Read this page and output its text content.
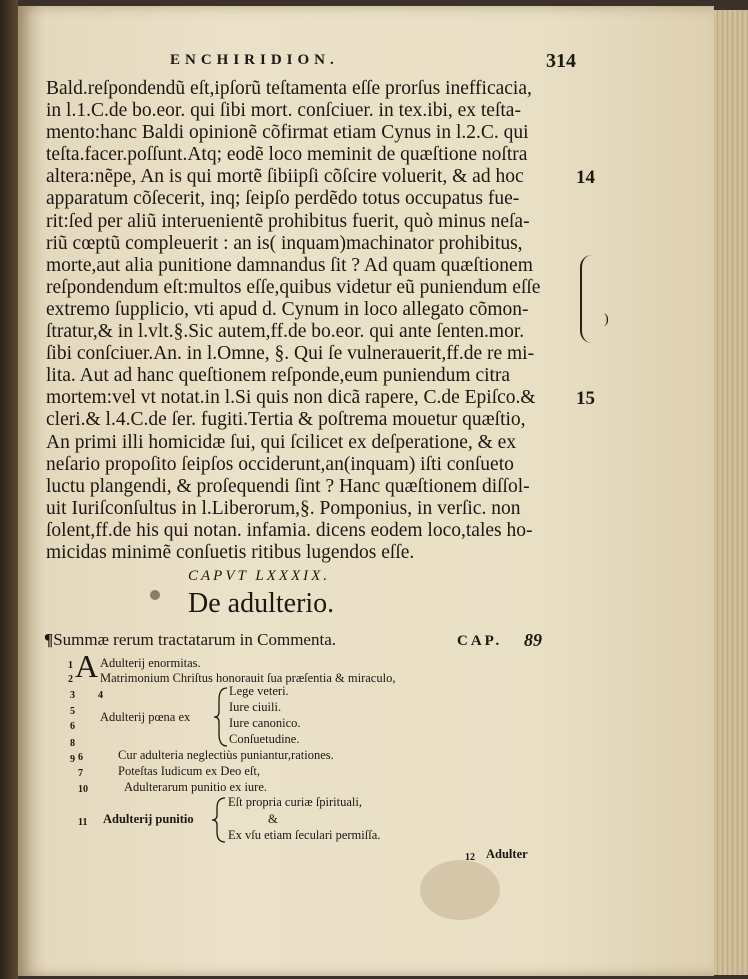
ENCHIRIDION.	314
Bald.reſpondendũ eſt,ipſorũ teſtamenta eſſe prorſus inefficacia,
in l.1.C.de bo.eor. qui ſibi mort. conſciuer. in tex.ibi, ex teſta-
mento:hanc Baldi opinionẽ cõfirmat etiam Cynus in l.2.C. qui
teſta.facer.poſſunt.Atq; eodẽ loco meminit de quæſtione noſtra
altera:nẽpe, An is qui mortẽ ſibiipſi cõſcire voluerit, & ad hoc
apparatum cõſecerit, inq; ſeipſo perdẽdo totus occupatus fue-
rit:ſed per aliũ interuenientẽ prohibitus fuerit, quò minus neſa-
riũ cœptũ compleuerit : an is( inquam)machinator prohibitus,
morte,aut alia punitione damnandus ſit ? Ad quam quæſtionem
reſpondendum eſt:multos eſſe,quibus videtur eũ puniendum eſſe
extremo ſupplicio, vti apud d. Cynum in loco allegato cõmon-
ſtratur,& in l.vlt.§.Sic autem,ff.de bo.eor. qui ante ſenten.mor.
ſibi conſciuer.An. in l.Omne, §. Qui ſe vulnerauerit,ff.de re mi-
lita. Aut ad hanc queſtionem reſponde,eum puniendum citra
mortem:vel vt notat.in l.Si quis non dicã rapere, C.de Epiſco.&
cleri.& l.4.C.de ſer. fugiti.Tertia & poſtrema mouetur quæſtio,
An primi illi homicidæ ſui, qui ſcilicet ex deſperatione, & ex
neſario propoſito ſeipſos occiderunt,an(inquam) iſti conſueto
luctu plangendi, & proſequendi ſint ? Hanc quæſtionem diſſol-
uit Iuriſconſultus in l.Liberorum,§. Pomponius, in verſic. non
ſolent,ff.de his qui notan. infamia. dicens eodem loco,tales ho-
micidas minimẽ conſuetis ritibus lugendos eſſe.
14
15
)
CAPVT LXXXIX.
De adulterio.
¶Summæ rerum tractatarum in Commenta.	CAP. 89
1
2 A Adulterij enormitas.
Matrimonium Chriſtus honorauit ſua præſentia & miraculo,
3 4
5
6
8
9
Adulterij pœna ex
Lege veteri.
Iure ciuili.
Iure canonico.
Conſuetudine.
6	Cur adulteria neglectiùs puniantur,rationes.
7	Poteſtas Iudicum ex Deo eſt,
10	Adulterarum punitio ex iure.
11 Adulterij punitio
Eſt propria curiæ ſpirituali,
&
Ex vſu etiam ſeculari permiſſa.
12 Adulter
